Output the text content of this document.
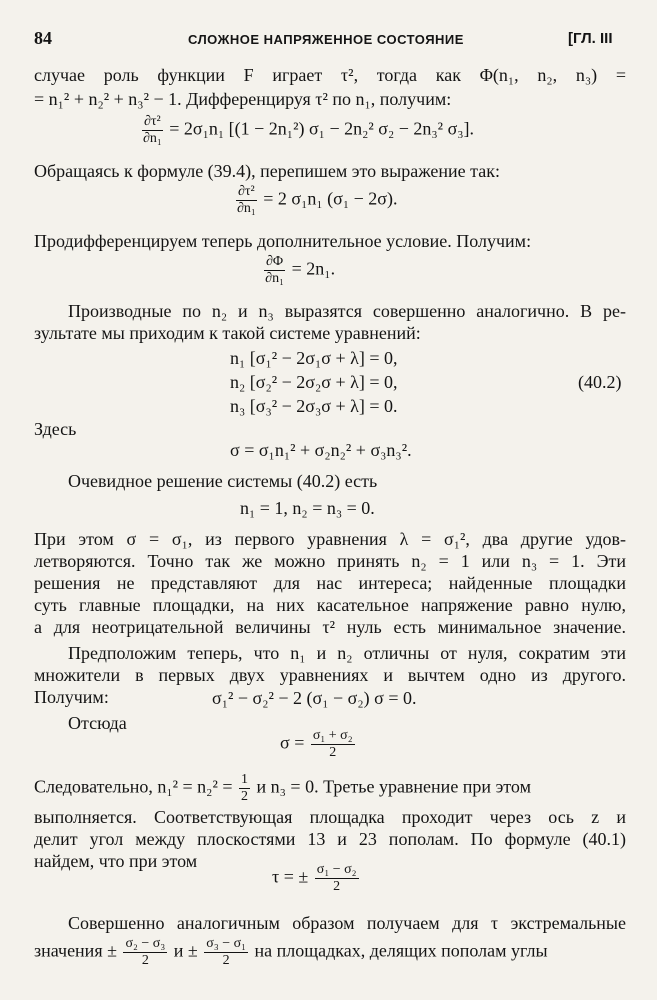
84	СЛОЖНОЕ НАПРЯЖЕННОЕ СОСТОЯНИЕ	[ГЛ. III
случае роль функции F играет τ², тогда как Φ(n₁, n₂, n₃) =
= n₁² + n₂² + n₃² − 1. Дифференцируя τ² по n₁, получим:
$\frac{\text{∂τ²}}{\text{∂n₁}} = 2\sigma_1n_1$ [(1 − 2n₁²) σ₁ − 2n₂² σ₂ − 2n₃² σ₃].
Обращаясь к формуле (39.4), перепишем это выражение так:
$\frac{\text{∂τ²}}{\text{∂n₁}} = 2$ σ₁n₁ (σ₁ − 2σ).
Продифференцируем теперь дополнительное условие. Получим:
$\frac{\partial\Phi}{\text{∂n₁}} = 2n_1$.
Производные по n₂ и n₃ выразятся совершенно аналогично. В ре-
зультате мы приходим к такой системе уравнений:
n₁ [σ₁² − 2σ₁σ + λ] = 0,
n₂ [σ₂² − 2σ₂σ + λ] = 0,	(40.2)
n₃ [σ₃² − 2σ₃σ + λ] = 0.
Здесь
σ = σ₁n₁² + σ₂n₂² + σ₃n₃².
Очевидное решение системы (40.2) есть
n₁ = 1, n₂ = n₃ = 0.
При этом σ = σ₁, из первого уравнения λ = σ₁², два другие удов-
летворяются. Точно так же можно принять n₂ = 1 или n₃ = 1. Эти
решения не представляют для нас интереса; найденные площадки
суть главные площадки, на них касательное напряжение равно нулю,
а для неотрицательной величины τ² нуль есть минимальное значение.
Предположим теперь, что n₁ и n₂ отличны от нуля, сократим эти
множители в первых двух уравнениях и вычтем одно из другого.
Получим:	σ₁² − σ₂² − 2 (σ₁ − σ₂) σ = 0.
Отсюда
$\sigma = \frac{\text{σ₁ + σ₂}}{2}$
Следовательно, $n_1^2 = n_2^2 = \frac{1}{2}$ и n₃ = 0. Третье уравнение при этом
выполняется. Соответствующая площадка проходит через ось z и
делит угол между плоскостями 13 и 23 пополам. По формуле (40.1)
найдем, что при этом
τ = ± $\frac{\text{σ₁ − σ₂}}{2}$
Совершенно аналогичным образом получаем для τ экстремальные
значения ± $\frac{\text{σ₂ − σ₃}}{2}$ $и \pm \frac{\text{σ₃ − σ₁}}{2}$ на площадках, делящих пополам углы
